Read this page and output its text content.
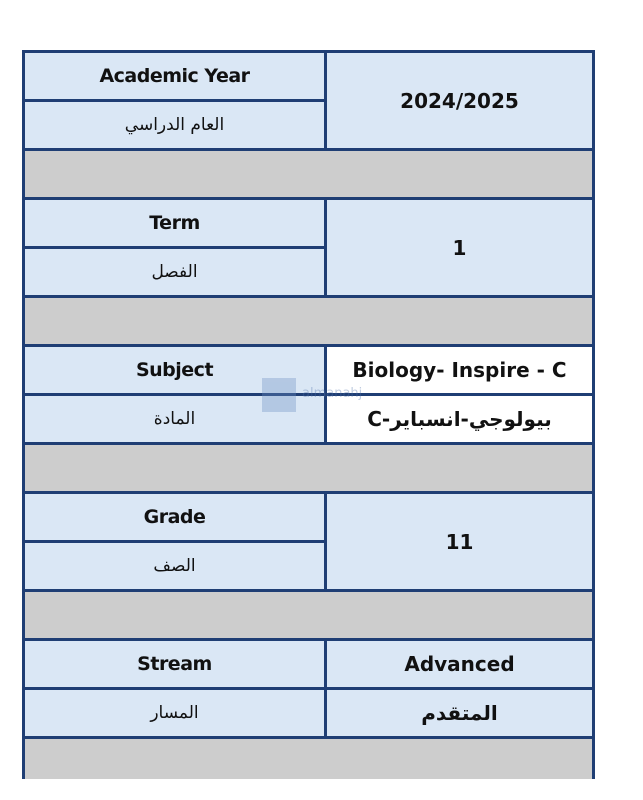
Academic Year	2024/2025
العام الدراسي	

Term	1
الفصل	

Subject	Biology- Inspire - C
المادة	بيولوجي-انسباير-C

Grade	11
الصف	

Stream	Advanced
المسار	المتقدم

almanahj
